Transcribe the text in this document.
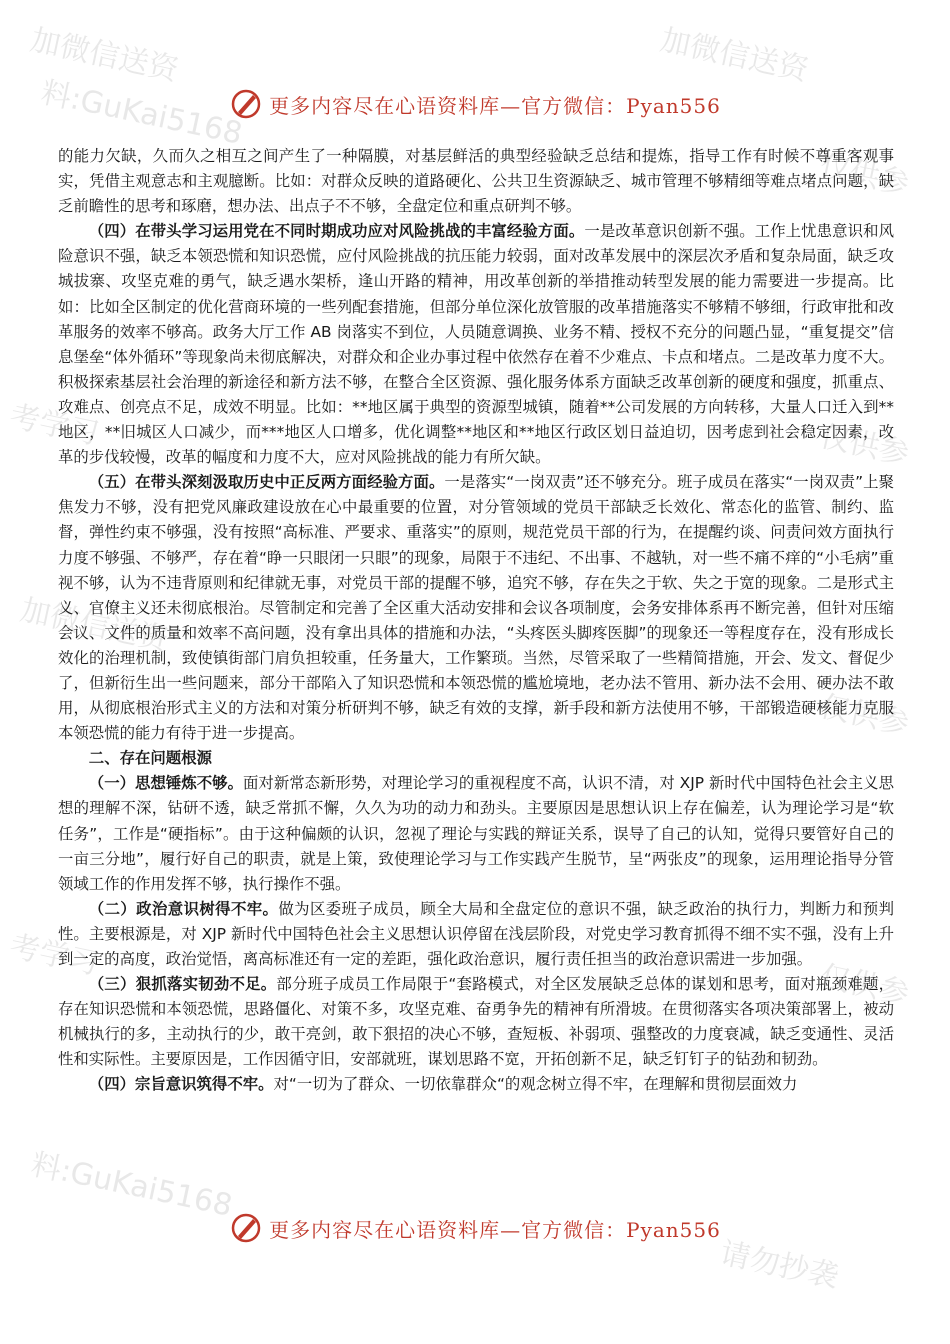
加微信送资
料:GuKai5168
加微信送资
仅供参
考学习	仅供参
加微信送资
仅供参
考学习
仅供参
料:GuKai5168
请勿抄袭
更多内容尽在心语资料库—官方微信：Pyan556

的能力欠缺，久而久之相互之间产生了一种隔膜，对基层鲜活的典型经验缺乏总结和提炼，指导工作有时候不尊重客观事实，凭借主观意志和主观臆断。比如：对群众反映的道路硬化、公共卫生资源缺乏、城市管理不够精细等难点堵点问题，缺乏前瞻性的思考和琢磨，想办法、出点子不不够，全盘定位和重点研判不够。

（四）在带头学习运用党在不同时期成功应对风险挑战的丰富经验方面。一是改革意识创新不强。工作上忧患意识和风险意识不强，缺乏本领恐慌和知识恐慌，应付风险挑战的抗压能力较弱，面对改革发展中的深层次矛盾和复杂局面，缺乏攻城拔寨、攻坚克难的勇气，缺乏遇水架桥，逢山开路的精神，用改革创新的举措推动转型发展的能力需要进一步提高。比如：比如全区制定的优化营商环境的一些列配套措施，但部分单位深化放管服的改革措施落实不够精不够细，行政审批和改革服务的效率不够高。政务大厅工作 AB 岗落实不到位，人员随意调换、业务不精、授权不充分的问题凸显，“重复提交”信息堡垒“体外循环”等现象尚未彻底解决，对群众和企业办事过程中依然存在着不少难点、卡点和堵点。二是改革力度不大。积极探索基层社会治理的新途径和新方法不够，在整合全区资源、强化服务体系方面缺乏改革创新的硬度和强度，抓重点、攻难点、创亮点不足，成效不明显。比如：**地区属于典型的资源型城镇，随着**公司发展的方向转移，大量人口迁入到**地区，**旧城区人口减少，而***地区人口增多，优化调整**地区和**地区行政区划日益迫切，因考虑到社会稳定因素，改革的步伐较慢，改革的幅度和力度不大，应对风险挑战的能力有所欠缺。

（五）在带头深刻汲取历史中正反两方面经验方面。一是落实“一岗双责”还不够充分。班子成员在落实“一岗双责”上聚焦发力不够，没有把党风廉政建设放在心中最重要的位置，对分管领域的党员干部缺乏长效化、常态化的监管、制约、监督，弹性约束不够强，没有按照“高标准、严要求、重落实”的原则，规范党员干部的行为，在提醒约谈、问责问效方面执行力度不够强、不够严，存在着“睁一只眼闭一只眼”的现象，局限于不违纪、不出事、不越轨，对一些不痛不痒的“小毛病”重视不够，认为不违背原则和纪律就无事，对党员干部的提醒不够，追究不够，存在失之于软、失之于宽的现象。二是形式主义、官僚主义还未彻底根治。尽管制定和完善了全区重大活动安排和会议各项制度，会务安排体系再不断完善，但针对压缩会议、文件的质量和效率不高问题，没有拿出具体的措施和办法，“头疼医头脚疼医脚”的现象还一等程度存在，没有形成长效化的治理机制，致使镇街部门肩负担较重，任务量大，工作繁琐。当然，尽管采取了一些精简措施，开会、发文、督促少了，但新衍生出一些问题来，部分干部陷入了知识恐慌和本领恐慌的尴尬境地，老办法不管用、新办法不会用、硬办法不敢用，从彻底根治形式主义的方法和对策分析研判不够，缺乏有效的支撑，新手段和新方法使用不够，干部锻造硬核能力克服本领恐慌的能力有待于进一步提高。

二、存在问题根源

（一）思想锤炼不够。面对新常态新形势，对理论学习的重视程度不高，认识不清，对 XJP 新时代中国特色社会主义思想的理解不深，钻研不透，缺乏常抓不懈，久久为功的动力和劲头。主要原因是思想认识上存在偏差，认为理论学习是“软任务”，工作是“硬指标”。由于这种偏颇的认识，忽视了理论与实践的辩证关系，误导了自己的认知，觉得只要管好自己的一亩三分地”，履行好自己的职责，就是上策，致使理论学习与工作实践产生脱节，呈“两张皮”的现象，运用理论指导分管领域工作的作用发挥不够，执行操作不强。

（二）政治意识树得不牢。做为区委班子成员，顾全大局和全盘定位的意识不强，缺乏政治的执行力，判断力和预判性。主要根源是，对 XJP 新时代中国特色社会主义思想认识停留在浅层阶段，对党史学习教育抓得不细不实不强，没有上升到一定的高度，政治觉悟，离高标准还有一定的差距，强化政治意识，履行责任担当的政治意识需进一步加强。

（三）狠抓落实韧劲不足。部分班子成员工作局限于“套路模式，对全区发展缺乏总体的谋划和思考，面对瓶颈难题，存在知识恐慌和本领恐慌，思路僵化、对策不多，攻坚克难、奋勇争先的精神有所滑坡。在贯彻落实各项决策部署上，被动机械执行的多，主动执行的少，敢干亮剑，敢下狠招的决心不够，查短板、补弱项、强整改的力度衰减，缺乏变通性、灵活性和实际性。主要原因是，工作因循守旧，安部就班，谋划思路不宽，开拓创新不足，缺乏钉钉子的钻劲和韧劲。

（四）宗旨意识筑得不牢。对“一切为了群众、一切依靠群众“的观念树立得不牢，在理解和贯彻层面效力

更多内容尽在心语资料库—官方微信：Pyan556
